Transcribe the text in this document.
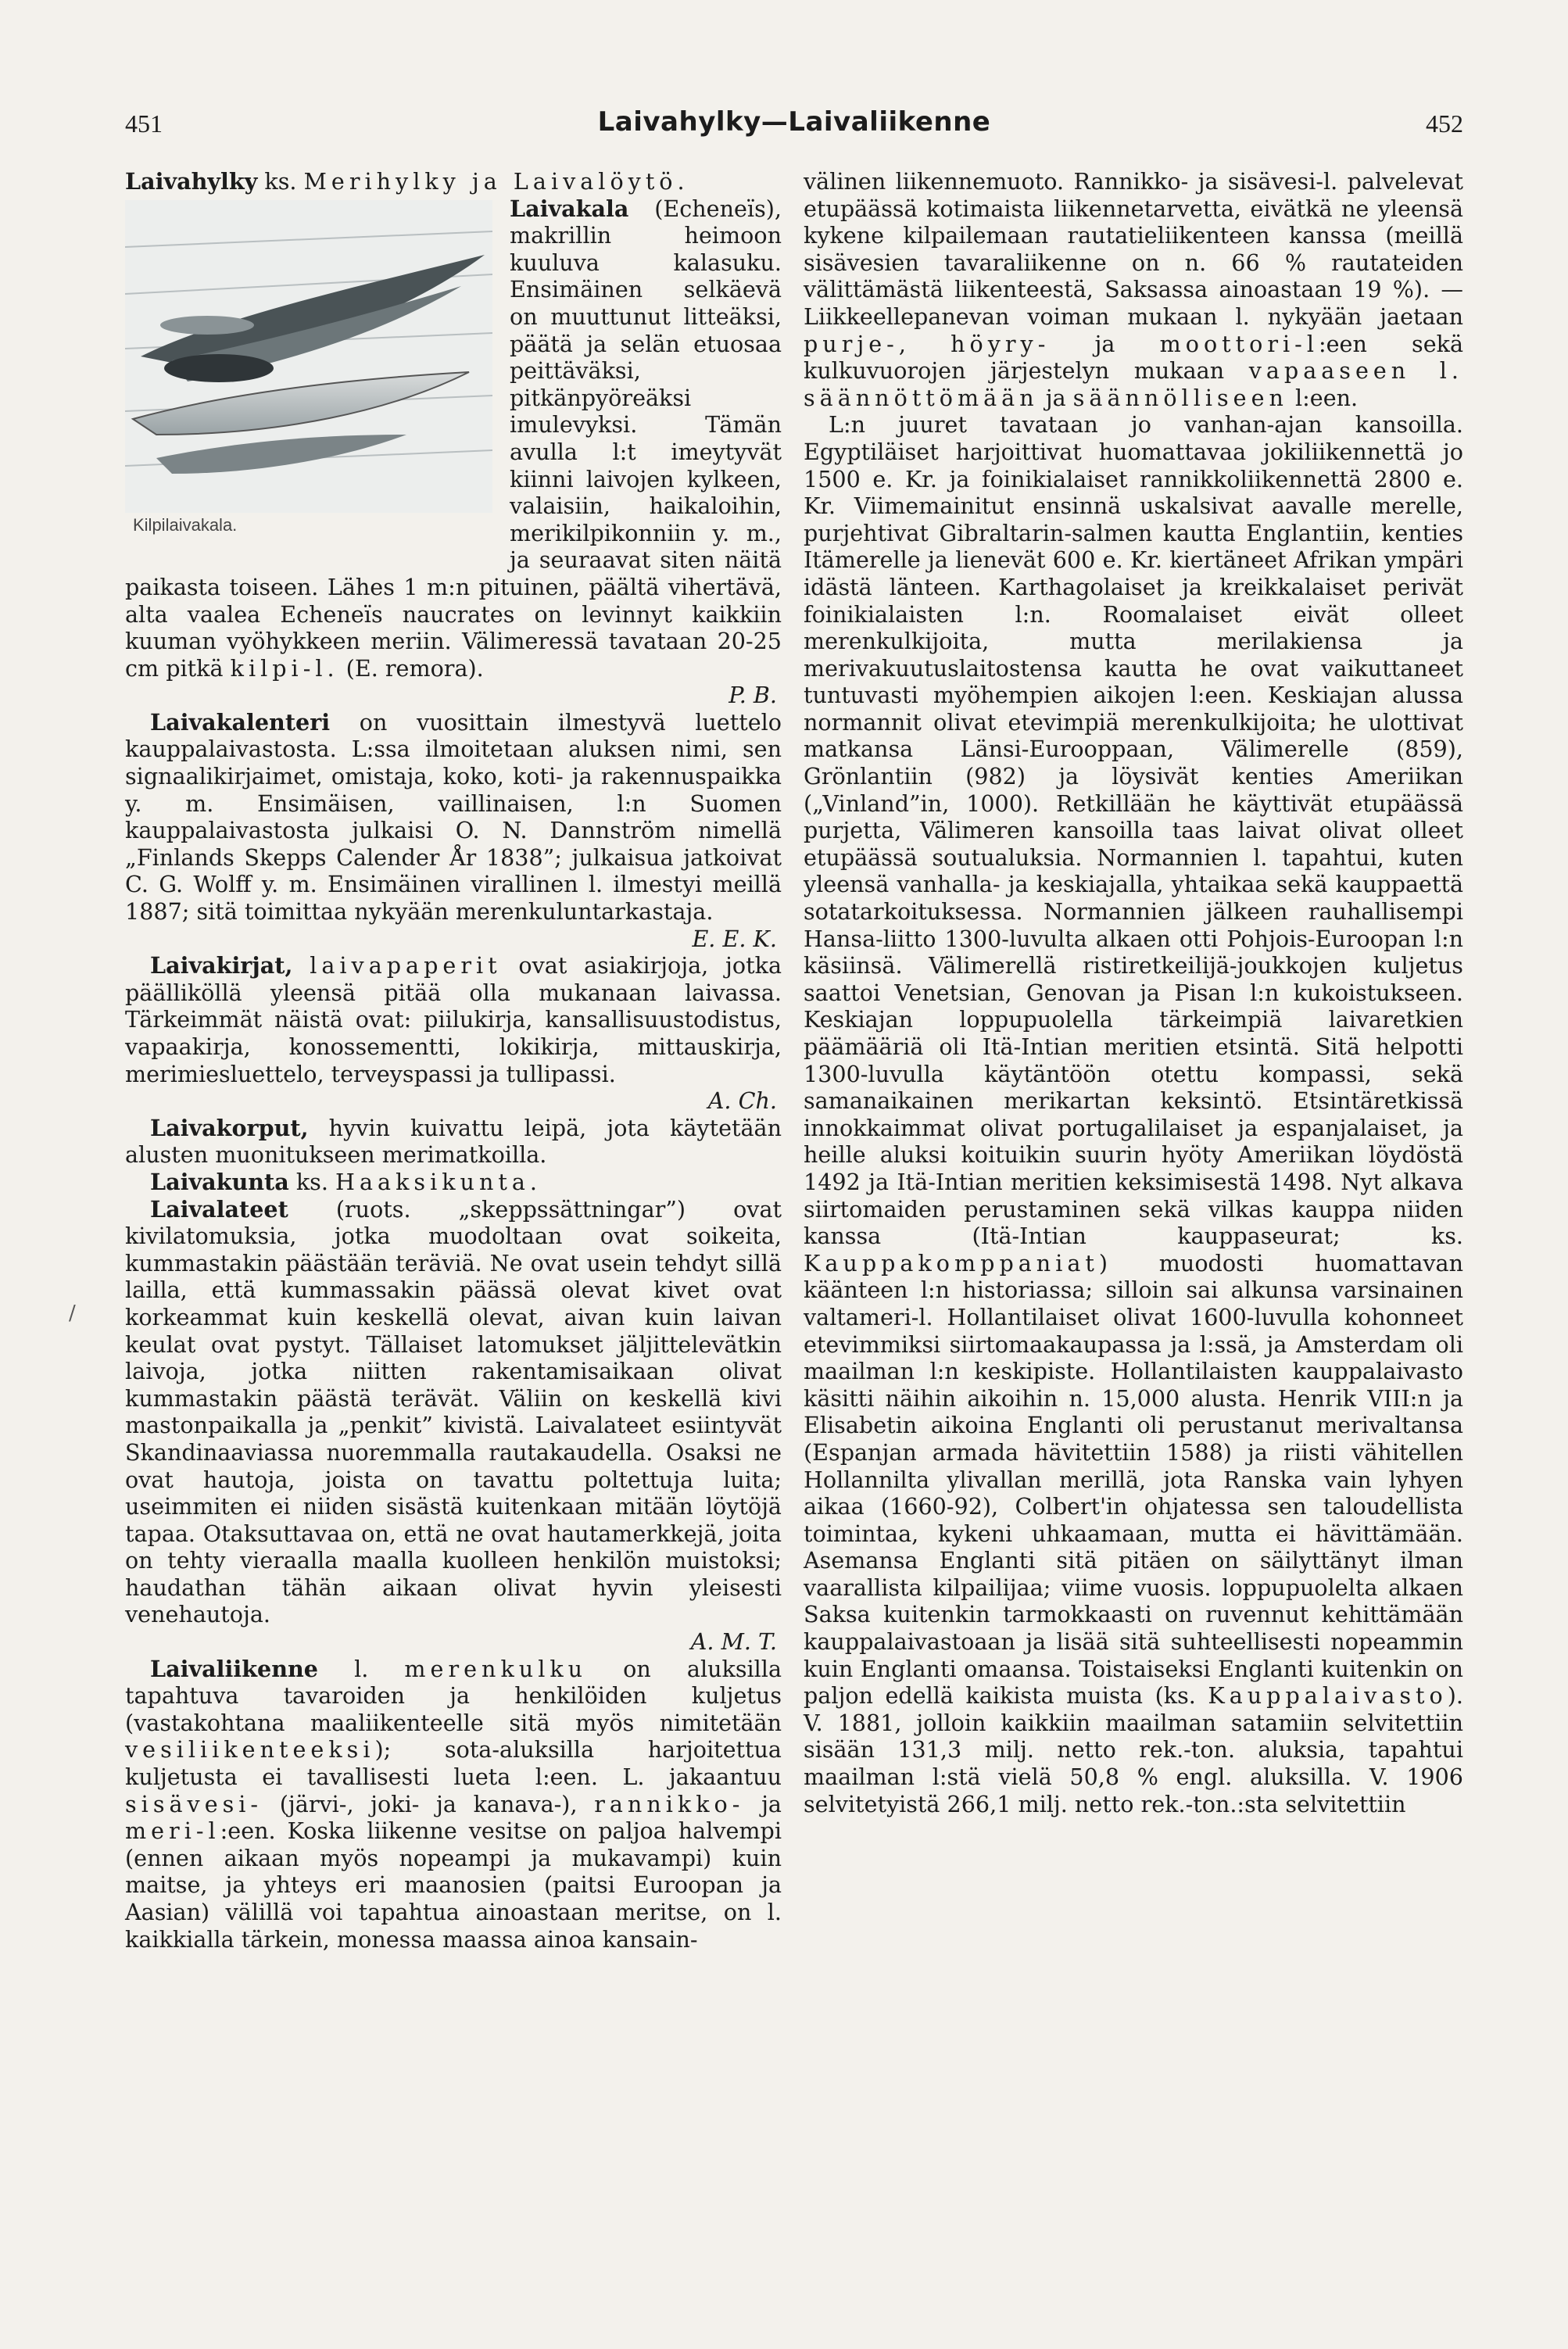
451	Laivahylky—Laivaliikenne	452
/

Laivahylky ks. Merihylky ja Laivalöytö.

Kilpilaivakala.
Laivakala (Echeneïs), makrillin heimoon kuuluva kalasuku. Ensimäinen selkäevä on muuttunut litteäksi, päätä ja selän etuosaa peittäväksi, pitkänpyöreäksi imulevyksi. Tämän avulla l:t imeytyvät kiinni laivojen kylkeen, valaisiin, haikaloihin, merikilpikonniin y. m., ja seuraavat siten näitä paikasta toiseen. Lähes 1 m:n pituinen, päältä vihertävä, alta vaalea Echeneïs naucrates on levinnyt kaikkiin kuuman vyöhykkeen meriin. Välimeressä tavataan 20-25 cm pitkä kilpi-l. (E. remora).
P. B.

Laivakalenteri on vuosittain ilmestyvä luettelo kauppalaivastosta. L:ssa ilmoitetaan aluksen nimi, sen signaalikirjaimet, omistaja, koko, koti- ja rakennuspaikka y. m. Ensimäisen, vaillinaisen, l:n Suomen kauppalaivastosta julkaisi O. N. Dannström nimellä „Finlands Skepps Calender År 1838”; julkaisua jatkoivat C. G. Wolff y. m. Ensimäinen virallinen l. ilmestyi meillä 1887; sitä toimittaa nykyään merenkuluntarkastaja.
E. E. K.

Laivakirjat, laivapaperit ovat asiakirjoja, jotka päälliköllä yleensä pitää olla mukanaan laivassa. Tärkeimmät näistä ovat: piilukirja, kansallisuustodistus, vapaakirja, konossementti, lokikirja, mittauskirja, merimiesluettelo, terveyspassi ja tullipassi.
A. Ch.

Laivakorput, hyvin kuivattu leipä, jota käytetään alusten muonitukseen merimatkoilla.

Laivakunta ks. Haaksikunta.

Laivalateet (ruots. „skeppssättningar”) ovat kivilatomuksia, jotka muodoltaan ovat soikeita, kummastakin päästään teräviä. Ne ovat usein tehdyt sillä lailla, että kummassakin päässä olevat kivet ovat korkeammat kuin keskellä olevat, aivan kuin laivan keulat ovat pystyt. Tällaiset latomukset jäljittelevätkin laivoja, jotka niitten rakentamisaikaan olivat kummastakin päästä terävät. Väliin on keskellä kivi mastonpaikalla ja „penkit” kivistä. Laivalateet esiintyvät Skandinaaviassa nuoremmalla rautakaudella. Osaksi ne ovat hautoja, joista on tavattu poltettuja luita; useimmiten ei niiden sisästä kuitenkaan mitään löytöjä tapaa. Otaksuttavaa on, että ne ovat hautamerkkejä, joita on tehty vieraalla maalla kuolleen henkilön muistoksi; haudathan tähän aikaan olivat hyvin yleisesti venehautoja.
A. M. T.

Laivaliikenne l. merenkulku on aluksilla tapahtuva tavaroiden ja henkilöiden kuljetus (vastakohtana maaliikenteelle sitä myös nimitetään vesiliikenteeksi); sota-aluksilla harjoitettua kuljetusta ei tavallisesti lueta l:een. L. jakaantuu sisävesi- (järvi-, joki- ja kanava-), rannikko- ja meri-l:een. Koska liikenne vesitse on paljoa halvempi (ennen aikaan myös nopeampi ja mukavampi) kuin maitse, ja yhteys eri maanosien (paitsi Euroopan ja Aasian) välillä voi tapahtua ainoastaan meritse, on l. kaikkialla tärkein, monessa maassa ainoa kansain-

välinen liikennemuoto. Rannikko- ja sisävesi-l. palvelevat etupäässä kotimaista liikennetarvetta, eivätkä ne yleensä kykene kilpailemaan rautatieliikenteen kanssa (meillä sisävesien tavaraliikenne on n. 66 % rautateiden välittämästä liikenteestä, Saksassa ainoastaan 19 %). — Liikkeellepanevan voiman mukaan l. nykyään jaetaan purje-, höyry- ja moottori-l:een sekä kulkuvuorojen järjestelyn mukaan vapaaseen l. säännöttömään ja säännölliseen l:een.

L:n juuret tavataan jo vanhan-ajan kansoilla. Egyptiläiset harjoittivat huomattavaa jokiliikennettä jo 1500 e. Kr. ja foinikialaiset rannikkoliikennettä 2800 e. Kr. Viimemainitut ensinnä uskalsivat aavalle merelle, purjehtivat Gibraltarin-salmen kautta Englantiin, kenties Itämerelle ja lienevät 600 e. Kr. kiertäneet Afrikan ympäri idästä länteen. Karthagolaiset ja kreikkalaiset perivät foinikialaisten l:n. Roomalaiset eivät olleet merenkulkijoita, mutta merilakiensa ja merivakuutuslaitostensa kautta he ovat vaikuttaneet tuntuvasti myöhempien aikojen l:een. Keskiajan alussa normannit olivat etevimpiä merenkulkijoita; he ulottivat matkansa Länsi-Eurooppaan, Välimerelle (859), Grönlantiin (982) ja löysivät kenties Ameriikan („Vinland”in, 1000). Retkillään he käyttivät etupäässä purjetta, Välimeren kansoilla taas laivat olivat olleet etupäässä soutualuksia. Normannien l. tapahtui, kuten yleensä vanhalla- ja keskiajalla, yhtaikaa sekä kauppaettä sotatarkoituksessa. Normannien jälkeen rauhallisempi Hansa-liitto 1300-luvulta alkaen otti Pohjois-Euroopan l:n käsiinsä. Välimerellä ristiretkeilijä-joukkojen kuljetus saattoi Venetsian, Genovan ja Pisan l:n kukoistukseen. Keskiajan loppupuolella tärkeimpiä laivaretkien päämääriä oli Itä-Intian meritien etsintä. Sitä helpotti 1300-luvulla käytäntöön otettu kompassi, sekä samanaikainen merikartan keksintö. Etsintäretkissä innokkaimmat olivat portugalilaiset ja espanjalaiset, ja heille aluksi koituikin suurin hyöty Ameriikan löydöstä 1492 ja Itä-Intian meritien keksimisestä 1498. Nyt alkava siirtomaiden perustaminen sekä vilkas kauppa niiden kanssa (Itä-Intian kauppaseurat; ks. Kauppakomppaniat) muodosti huomattavan käänteen l:n historiassa; silloin sai alkunsa varsinainen valtameri-l. Hollantilaiset olivat 1600-luvulla kohonneet etevimmiksi siirtomaakaupassa ja l:ssä, ja Amsterdam oli maailman l:n keskipiste. Hollantilaisten kauppalaivasto käsitti näihin aikoihin n. 15,000 alusta. Henrik VIII:n ja Elisabetin aikoina Englanti oli perustanut merivaltansa (Espanjan armada hävitettiin 1588) ja riisti vähitellen Hollannilta ylivallan merillä, jota Ranska vain lyhyen aikaa (1660-92), Colbert'in ohjatessa sen taloudellista toimintaa, kykeni uhkaamaan, mutta ei hävittämään. Asemansa Englanti sitä pitäen on säilyttänyt ilman vaarallista kilpailijaa; viime vuosis. loppupuolelta alkaen Saksa kuitenkin tarmokkaasti on ruvennut kehittämään kauppalaivastoaan ja lisää sitä suhteellisesti nopeammin kuin Englanti omaansa. Toistaiseksi Englanti kuitenkin on paljon edellä kaikista muista (ks. Kauppalaivasto). V. 1881, jolloin kaikkiin maailman satamiin selvitettiin sisään 131,3 milj. netto rek.-ton. aluksia, tapahtui maailman l:stä vielä 50,8 % engl. aluksilla. V. 1906 selvitetyistä 266,1 milj. netto rek.-ton.:sta selvitettiin
